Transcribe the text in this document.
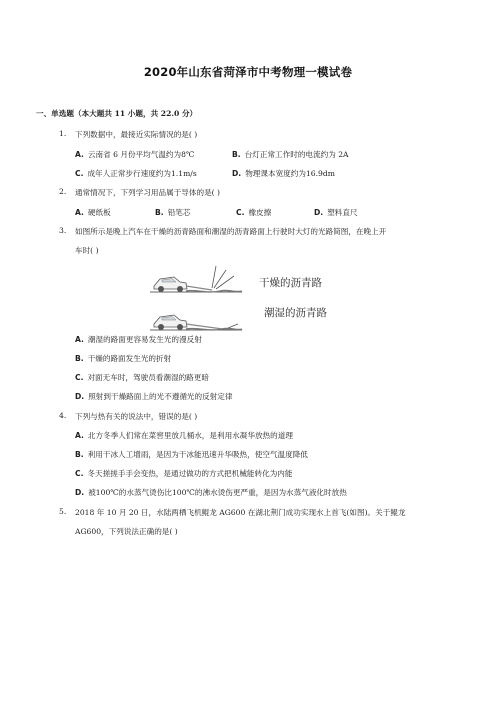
2020年山东省菏泽市中考物理一模试卷
一、单选题（本大题共 11 小题，共 22.0 分）
1. 下列数据中，最接近实际情况的是( )
A. 云南省 6 月份平均气温约为8℃	B. 台灯正常工作时的电流约为 2A
C. 成年人正常步行速度约为1.1m/s	D. 物理课本宽度约为16.9dm
2. 通常情况下，下列学习用品属于导体的是( )
A. 硬纸板	B. 铅笔芯	C. 橡皮擦	D. 塑料直尺
3. 如图所示是晚上汽车在干燥的沥青路面和潮湿的沥青路面上行驶时大灯的光路简图，在晚上开
车时( )
干燥的沥青路
潮湿的沥青路
A. 潮湿的路面更容易发生光的漫反射
B. 干燥的路面发生光的折射
C. 对面无车时，驾驶员看潮湿的路更暗
D. 照射到干燥路面上的光不遵循光的反射定律
4. 下列与热有关的说法中，错误的是( )
A. 北方冬季人们常在菜窖里放几桶水，是利用水凝华放热的道理
B. 利用干冰人工增雨，是因为干冰能迅速升华吸热，使空气温度降低
C. 冬天搓搓手手会变热，是通过做功的方式把机械能转化为内能
D. 被100℃的水蒸气烫伤比100℃的沸水烫伤更严重，是因为水蒸气液化时放热
5. 2018 年 10 月 20 日，水陆两栖飞机鲲龙 AG600 在湖北荆门成功实现水上首飞(如图)。关于鲲龙
AG600，下列说法正确的是( )
